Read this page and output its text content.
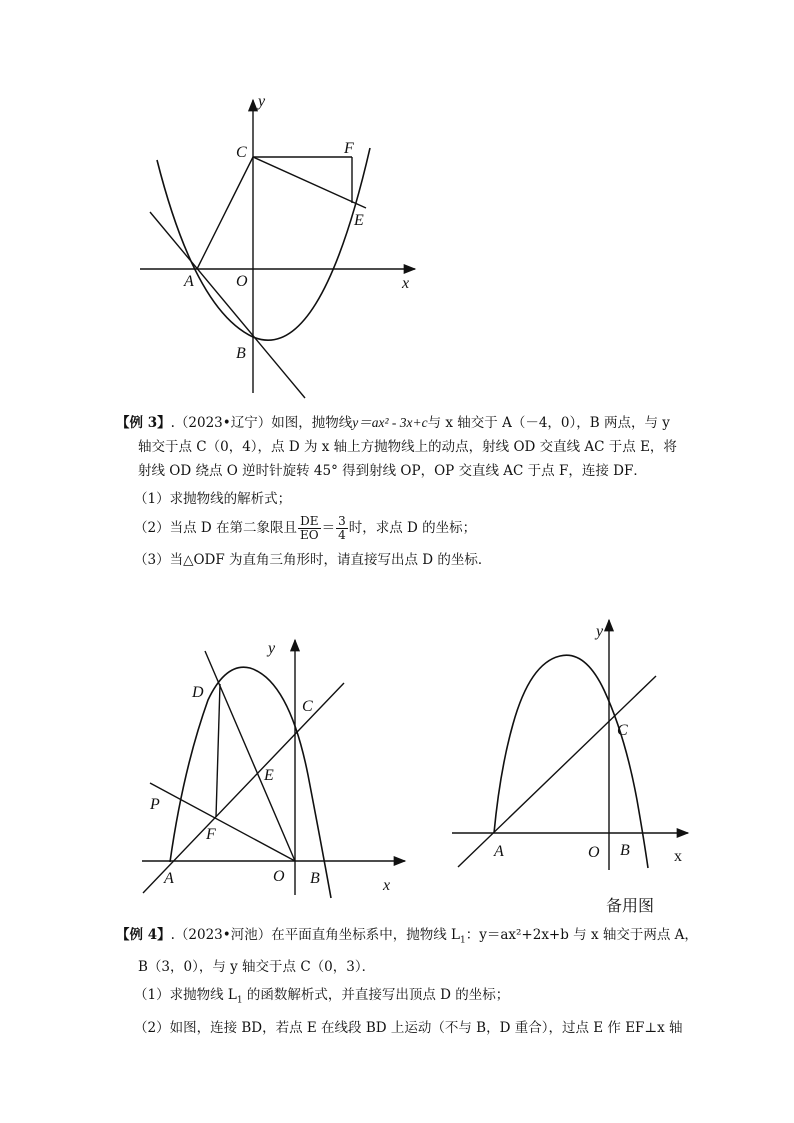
y
C	F
E
A	O	x
B
【例 3】.（2023•辽宁）如图，抛物线y＝ax² - 3x+c与 x 轴交于 A（－4，0），B 两点，与 y
轴交于点 C（0，4），点 D 为 x 轴上方抛物线上的动点，射线 OD 交直线 AC 于点 E，将
射线 OD 绕点 O 逆时针旋转 45° 得到射线 OP，OP 交直线 AC 于点 F，连接 DF．
（1）求抛物线的解析式；
（2）当点 D 在第二象限且 $\frac{DE}{EO} = \frac{3}{4}$ 时，求点 D 的坐标；
（3）当△ODF 为直角三角形时，请直接写出点 D 的坐标．
y
D
C
E
P
F
A	O B	x
y
C
A	O B	x
备用图
【例 4】.（2023•河池）在平面直角坐标系中，抛物线 $L_1$：y＝ax²+2x+b 与 x 轴交于两点 A，
B（3，0），与 y 轴交于点 C（0，3）．
（1）求抛物线 $L_1$ 的函数解析式，并直接写出顶点 D 的坐标；
（2）如图，连接 BD，若点 E 在线段 BD 上运动（不与 B，D 重合），过点 E 作 EF⊥x 轴
